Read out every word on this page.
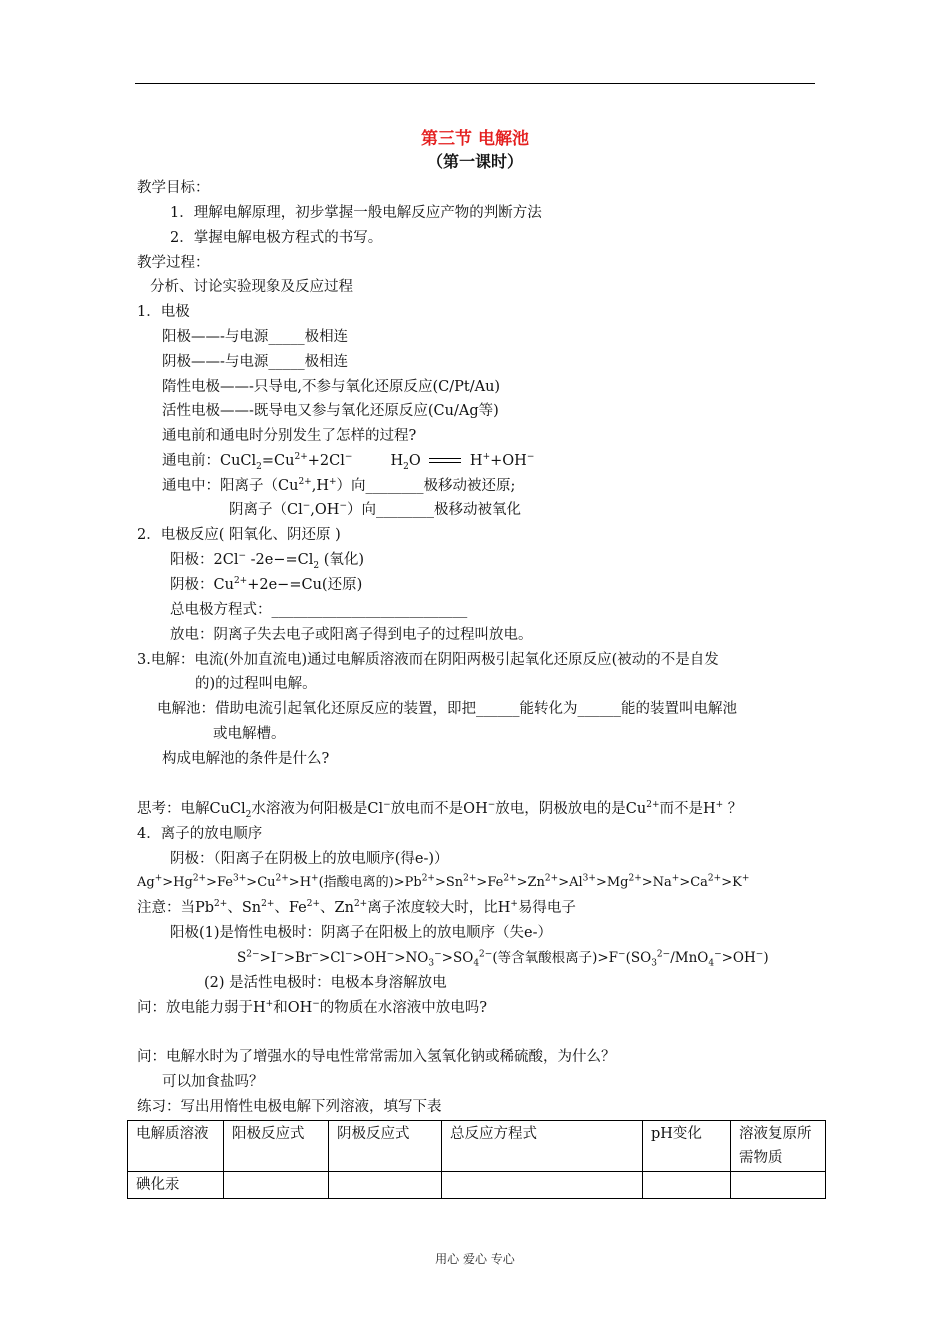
第三节 电解池
（第一课时）
教学目标：
1．理解电解原理，初步掌握一般电解反应产物的判断方法
2．掌握电解电极方程式的书写。
教学过程：
分析、讨论实验现象及反应过程
1．电极
阳极——-与电源_____极相连
阴极——-与电源_____极相连
隋性电极——-只导电,不参与氧化还原反应(C/Pt/Au)
活性电极——-既导电又参与氧化还原反应(Cu/Ag等)
通电前和通电时分别发生了怎样的过程?
通电前：$CuCl_2=Cu^{2+}+2Cl^-$	$H_2O$	H++OH−
通电中：阳离子$(Cu^{2+},H^+)$向________极移动被还原;
阴离子（Cl−,OH−）向________极移动被氧化
2．电极反应( 阳氧化、阴还原 )
阳极：2Cl− $-2e-=Cl_2$ (氧化)
阴极：$Cu^{2+}+2e-=Cu$(还原)
总电极方程式：___________________________
放电：阴离子失去电子或阳离子得到电子的过程叫放电。
3.电解：电流(外加直流电)通过电解质溶液而在阴阳两极引起氧化还原反应(被动的不是自发
的)的过程叫电解。
电解池：借助电流引起氧化还原反应的装置，即把______能转化为______能的装置叫电解池
或电解槽。
构成电解池的条件是什么?
思考：电解CuCl$_2$水溶液为何阳极是Cl−放电而不是OH−放电，阴极放电的是$Cu^{2+}$而不是H+ ？
4．离子的放电顺序
阴极：（阳离子在阴极上的放电顺序(得e-)）
$Ag^+>Hg^{2+}>Fe^{3+}>Cu^{2+}>H^+$(指酸电离的)$>Pb^{2+}>Sn^{2+}>Fe^{2+}>Zn^{2+}>Al^{3+}>Mg^{2+}>Na^+>Ca^{2+}>K^+$
注意：当$Pb^{2+}$、$Sn^{2+}$、$Fe^{2+}$、$Zn^{2+}$离子浓度较大时，比H+易得电子
阳极(1)是惰性电极时：阴离子在阳极上的放电顺序（失e-）
$S^{2-}>I^->Br^->Cl^->OH^->NO_3^->SO_4^{2-}$(等含氧酸根离子)$>F^-(SO_3^{2-}/MnO_4^->OH^-)$
(2) 是活性电极时：电极本身溶解放电
问：放电能力弱于H+和OH−的物质在水溶液中放电吗?
问：电解水时为了增强水的导电性常常需加入氢氧化钠或稀硫酸，为什么？
可以加食盐吗？
练习：写出用惰性电极电解下列溶液，填写下表
电解质溶液	阳极反应式	阴极反应式	总反应方程式	pH变化	溶液复原所需物质
碘化汞					
用心 爱心 专心
